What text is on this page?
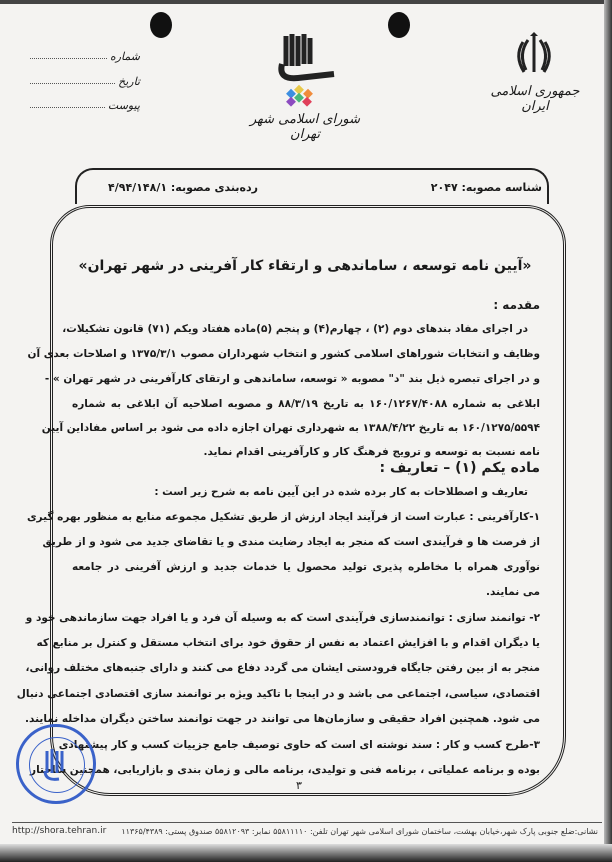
جمهوری اسلامی ایران
شورای اسلامی شهر تهران
شماره
تاریخ
پیوست
شناسه مصوبه: ۲۰۴۷
رده‌بندی مصوبه: ۴/۹۴/۱۴۸/۱
«آیین نامه توسعه ، ساماندهی و ارتقاء کار آفرینی در شهر تهران»
مقدمه :
در اجرای مفاد بندهای دوم (۲) ، چهارم(۴) و پنجم (۵)ماده هفتاد ویکم (۷۱) قانون تشکیلات،
وظایف و انتخابات شوراهای اسلامی کشور و انتخاب شهرداران مصوب ۱۳۷۵/۳/۱ و اصلاحات بعدی آن
و در اجرای تبصره ذیل بند "د" مصوبه « توسعه، ساماندهی و ارتقای کارآفرینی در شهر تهران » -
ابلاغی به شماره ۱۶۰/۱۲۶۷/۴۰۸۸ به تاریخ ۸۸/۳/۱۹ و مصوبه اصلاحیه آن ابلاغی به شماره
۱۶۰/۱۲۷۵/۵۵۹۴ به تاریخ ۱۳۸۸/۴/۲۲ به شهرداری تهران اجازه داده می شود بر اساس مفاداین آیین
نامه نسبت به توسعه و ترویج فرهنگ کار و کارآفرینی اقدام نماید.
ماده یکم (۱) – تعاریف :
تعاریف و اصطلاحات به کار برده شده در این آیین نامه به شرح زیر است :
۱-کارآفرینی : عبارت است از فرآیند ایجاد ارزش از طریق تشکیل مجموعه منابع به منظور بهره گیری
از فرصت ها و فرآیندی است که منجر به ایجاد رضایت مندی و یا تقاضای جدید می شود و از طریق
نوآوری همراه با مخاطره پذیری تولید محصول یا خدمات جدید و ارزش آفرینی در جامعه
می نمایند.
۲- توانمند سازی : توانمندسازی فرآیندی است که به وسیله آن فرد و یا افراد جهت سازماندهی خود و
یا دیگران اقدام و با افزایش اعتماد به نفس از حقوق خود برای انتخاب مستقل و کنترل بر منابع که
منجر به از بین رفتن جایگاه فرودستی ایشان می گردد دفاع می کنند و دارای جنبه‌های مختلف روانی،
اقتصادی، سیاسی، اجتماعی می باشد و در اینجا با تاکید ویژه بر توانمند سازی اقتصادی اجتماعی دنبال
می شود. همچنین افراد حقیقی و سازمان‌ها می توانند در جهت توانمند ساختن دیگران مداخله نمایند.
۳-طرح کسب و کار : سند نوشته ای است که حاوی توصیف جامع جزییات کسب و کار پیشنهادی
بوده و برنامه عملیاتی ، برنامه فنی و تولیدی، برنامه مالی و زمان بندی و بازاریابی، همچنین ساختار
٣
نشانی:ضلع جنوبی پارک شهر،خیابان بهشت، ساختمان شورای اسلامی شهر تهران تلفن: ۵۵۸۱۱۱۱۰ نمابر: ۵۵۸۱۲۰۹۳ صندوق پستی: ۱۱۳۶۵/۴۳۸۹
http://shora.tehran.ir
